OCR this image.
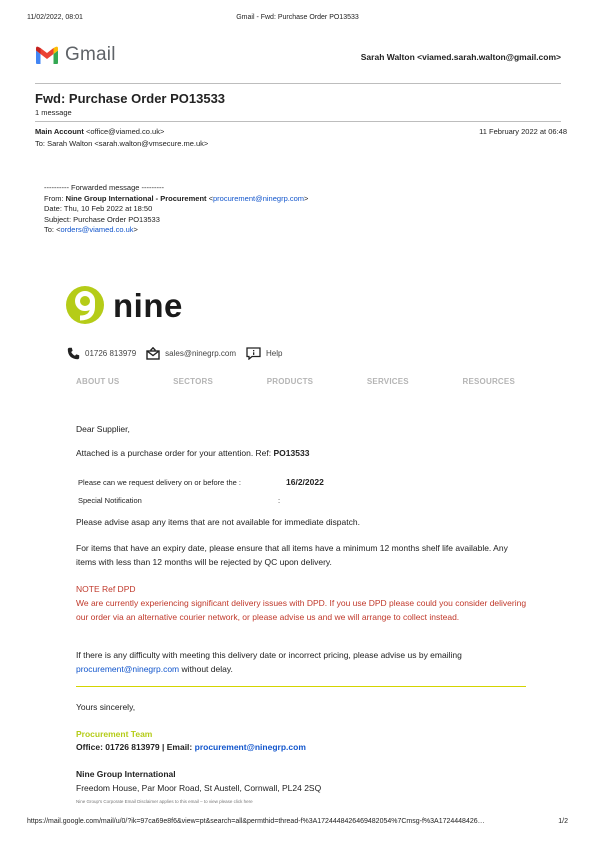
11/02/2022, 08:01	Gmail - Fwd: Purchase Order PO13533
Gmail	Sarah Walton <viamed.sarah.walton@gmail.com>
Fwd: Purchase Order PO13533
1 message
Main Account <office@viamed.co.uk>	11 February 2022 at 06:48
To: Sarah Walton <sarah.walton@vmsecure.me.uk>
---------- Forwarded message ---------
From: Nine Group International - Procurement <procurement@ninegrp.com>
Date: Thu, 10 Feb 2022 at 18:50
Subject: Purchase Order PO13533
To: <orders@viamed.co.uk>
nine
01726 813979	sales@ninegrp.com	Help
ABOUT US	SECTORS	PRODUCTS	SERVICES	RESOURCES
Dear Supplier,
Attached is a purchase order for your attention. Ref: PO13533
Please can we request delivery on or before the :	16/2/2022
Special Notification	:
Please advise asap any items that are not available for immediate dispatch.
For items that have an expiry date, please ensure that all items have a minimum 12 months shelf life available. Any items with less than 12 months will be rejected by QC upon delivery.
NOTE Ref DPD
We are currently experiencing significant delivery issues with DPD. If you use DPD please could you consider delivering our order via an alternative courier network, or please advise us and we will arrange to collect instead.
If there is any difficulty with meeting this delivery date or incorrect pricing, please advise us by emailing procurement@ninegrp.com without delay.
Yours sincerely,
Procurement Team
Office: 01726 813979 | Email: procurement@ninegrp.com
Nine Group International
Freedom House, Par Moor Road, St Austell, Cornwall, PL24 2SQ
Nine Group's Corporate Email Disclaimer applies to this email – to view please click here
https://mail.google.com/mail/u/0/?ik=97ca69e8f6&view=pt&search=all&permthid=thread-f%3A1724448426469482054%7Cmsg-f%3A17244484​26…	1/2
